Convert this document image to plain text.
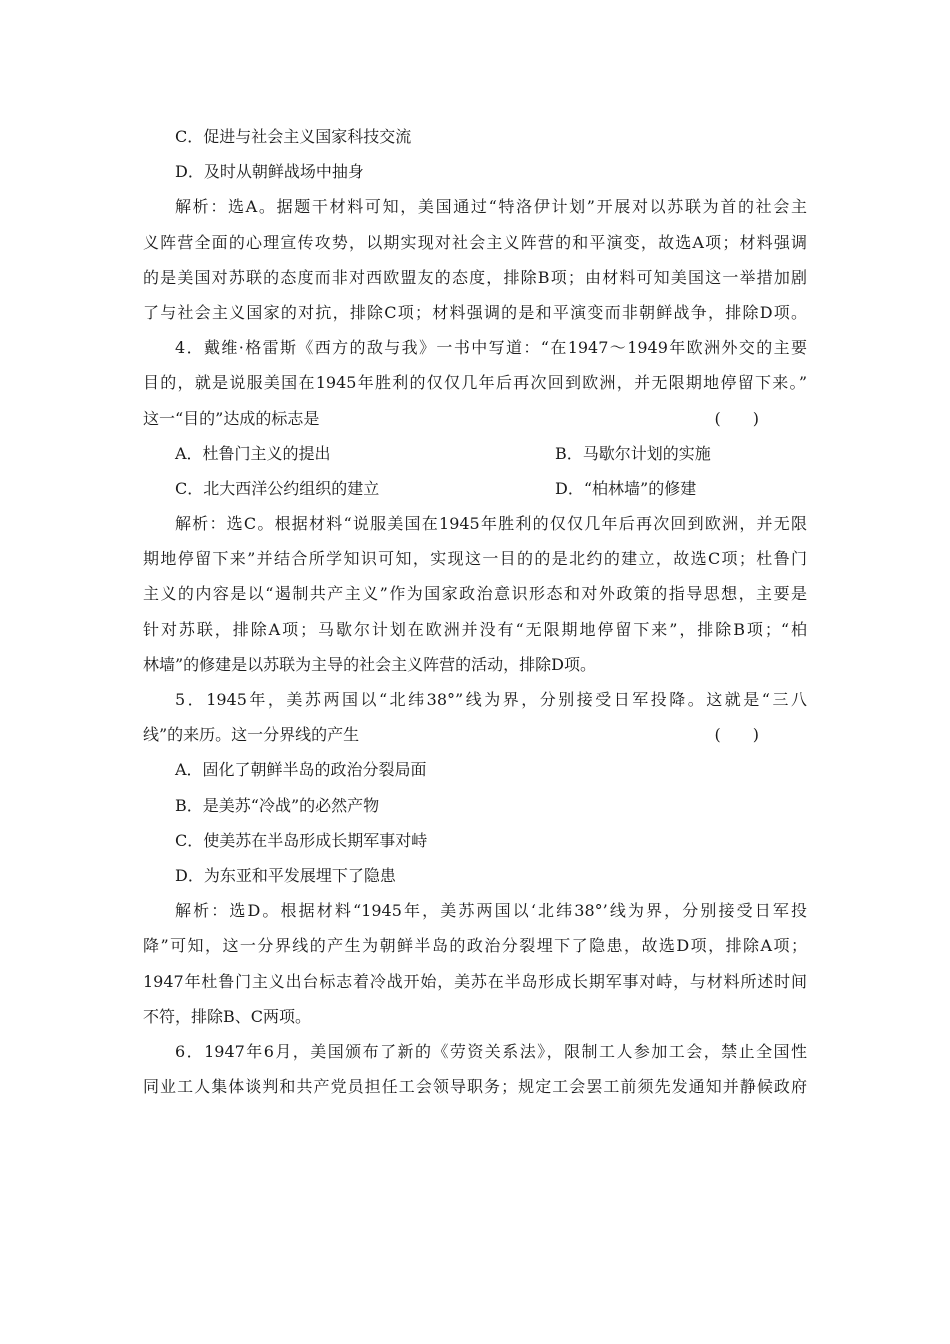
C．促进与社会主义国家科技交流
D．及时从朝鲜战场中抽身
解析：选A。据题干材料可知，美国通过“特洛伊计划”开展对以苏联为首的社会主
义阵营全面的心理宣传攻势，以期实现对社会主义阵营的和平演变，故选A项；材料强调
的是美国对苏联的态度而非对西欧盟友的态度，排除B项；由材料可知美国这一举措加剧
了与社会主义国家的对抗，排除C项；材料强调的是和平演变而非朝鲜战争，排除D项。
4．戴维·格雷斯《西方的敌与我》一书中写道：“在1947～1949年欧洲外交的主要
目的，就是说服美国在1945年胜利的仅仅几年后再次回到欧洲，并无限期地停留下来。”
这一“目的”达成的标志是	(　　)
A．杜鲁门主义的提出	B．马歇尔计划的实施
C．北大西洋公约组织的建立	D．“柏林墙”的修建
解析：选C。根据材料“说服美国在1945年胜利的仅仅几年后再次回到欧洲，并无限
期地停留下来”并结合所学知识可知，实现这一目的的是北约的建立，故选C项；杜鲁门
主义的内容是以“遏制共产主义”作为国家政治意识形态和对外政策的指导思想，主要是
针对苏联，排除A项；马歇尔计划在欧洲并没有“无限期地停留下来”，排除B项；“柏
林墙”的修建是以苏联为主导的社会主义阵营的活动，排除D项。
5．1945年，美苏两国以“北纬38°”线为界，分别接受日军投降。这就是“三八
线”的来历。这一分界线的产生	(　　)
A．固化了朝鲜半岛的政治分裂局面
B．是美苏“冷战”的必然产物
C．使美苏在半岛形成长期军事对峙
D．为东亚和平发展埋下了隐患
解析：选D。根据材料“1945年，美苏两国以‘北纬38°’线为界，分别接受日军投
降”可知，这一分界线的产生为朝鲜半岛的政治分裂埋下了隐患，故选D项，排除A项；
1947年杜鲁门主义出台标志着冷战开始，美苏在半岛形成长期军事对峙，与材料所述时间
不符，排除B、C两项。
6．1947年6月，美国颁布了新的《劳资关系法》，限制工人参加工会，禁止全国性
同业工人集体谈判和共产党员担任工会领导职务；规定工会罢工前须先发通知并静候政府
